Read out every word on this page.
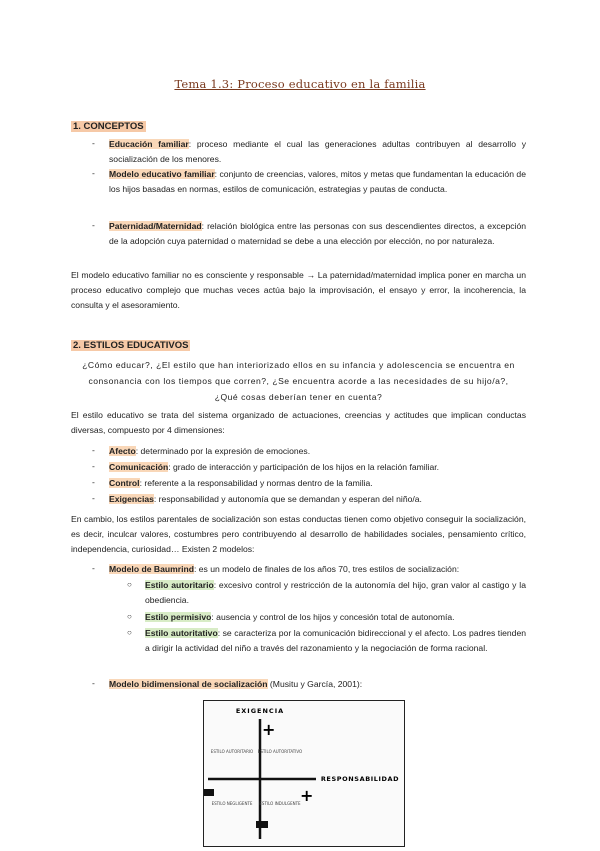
Tema 1.3: Proceso educativo en la familia
1. CONCEPTOS
- Educación familiar: proceso mediante el cual las generaciones adultas contribuyen al desarrollo y socialización de los menores.
- Modelo educativo familiar: conjunto de creencias, valores, mitos y metas que fundamentan la educación de los hijos basadas en normas, estilos de comunicación, estrategias y pautas de conducta.
- Paternidad/Maternidad: relación biológica entre las personas con sus descendientes directos, a excepción de la adopción cuya paternidad o maternidad se debe a una elección por elección, no por naturaleza.
El modelo educativo familiar no es consciente y responsable → La paternidad/maternidad implica poner en marcha un proceso educativo complejo que muchas veces actúa bajo la improvisación, el ensayo y error, la incoherencia, la consulta y el asesoramiento.
2. ESTILOS EDUCATIVOS
¿Cómo educar?, ¿El estilo que han interiorizado ellos en su infancia y adolescencia se encuentra en
consonancia con los tiempos que corren?, ¿Se encuentra acorde a las necesidades de su hijo/a?,
¿Qué cosas deberían tener en cuenta?
El estilo educativo se trata del sistema organizado de actuaciones, creencias y actitudes que implican conductas diversas, compuesto por 4 dimensiones:
- Afecto: determinado por la expresión de emociones.
- Comunicación: grado de interacción y participación de los hijos en la relación familiar.
- Control: referente a la responsabilidad y normas dentro de la familia.
- Exigencias: responsabilidad y autonomía que se demandan y esperan del niño/a.
En cambio, los estilos parentales de socialización son estas conductas tienen como objetivo conseguir la socialización, es decir, inculcar valores, costumbres pero contribuyendo al desarrollo de habilidades sociales, pensamiento crítico, independencia, curiosidad… Existen 2 modelos:
- Modelo de Baumrind: es un modelo de finales de los años 70, tres estilos de socialización:
○ Estilo autoritario: excesivo control y restricción de la autonomía del hijo, gran valor al castigo y la obediencia.
○ Estilo permisivo: ausencia y control de los hijos y concesión total de autonomía.
○ Estilo autoritativo: se caracteriza por la comunicación bidireccional y el afecto. Los padres tienden a dirigir la actividad del niño a través del razonamiento y la negociación de forma racional.
- Modelo bidimensional de socialización (Musitu y García, 2001):
EXIGENCIA
RESPONSABILIDAD
+
+
ESTILO AUTORITARIO ESTILO AUTORITATIVO
ESTILO NEGLIGENTE ESTILO INDULGENTE
